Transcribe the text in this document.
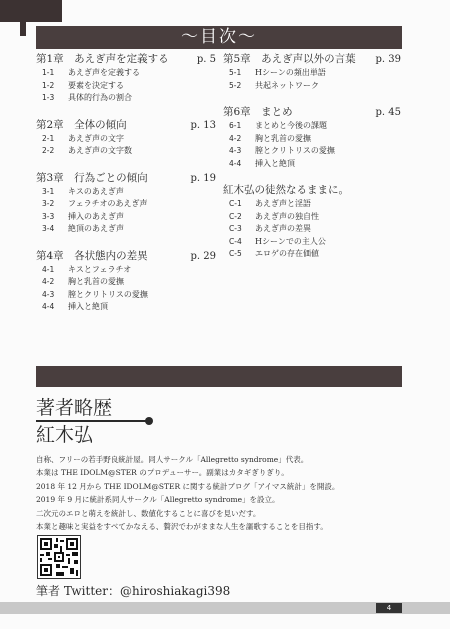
〜目次〜
第1章　あえぎ声を定義する	p. 5
1-1	あえぎ声を定義する
1-2	要素を決定する
1-3	具体的行為の割合
第2章　全体の傾向	p. 13
2-1	あえぎ声の文字
2-2	あえぎ声の文字数
第3章　行為ごとの傾向	p. 19
3-1	キスのあえぎ声
3-2	フェラチオのあえぎ声
3-3	挿入のあえぎ声
3-4	絶頂のあえぎ声
第4章　各状態内の差異	p. 29
4-1	キスとフェラチオ
4-2	胸と乳首の愛撫
4-3	膣とクリトリスの愛撫
4-4	挿入と絶頂
第5章　あえぎ声以外の言葉 p. 39
5-1	Hシーンの頻出単語
5-2	共起ネットワーク
第6章　まとめ	p. 45
6-1	まとめと今後の課題
4-2	胸と乳首の愛撫
4-3	膣とクリトリスの愛撫
4-4	挿入と絶頂
紅木弘の徒然なるままに。
C-1	あえぎ声と淫語
C-2	あえぎ声の独自性
C-3	あえぎ声の差異
C-4	Hシーンでの主人公
C-5	エロゲの存在価値
著者略歴
紅木弘
自称、フリーの若手野良統計屋。同人サークル「Allegretto syndrome」代表。
本業は THE IDOLM@STER のプロデューサー。副業はカタギぎりぎり。
2018 年 12 月から THE IDOLM@STER に関する統計ブログ「アイマス統計」を開設。
2019 年 9 月に統計系同人サークル「Allegretto syndrome」を設立。
二次元のエロと萌えを統計し、数値化することに喜びを見いだす。
本業と趣味と実益をすべてかなえる、贅沢でわがままな人生を謳歌することを目指す。
筆者 Twitter：@hiroshiakagi398
4
